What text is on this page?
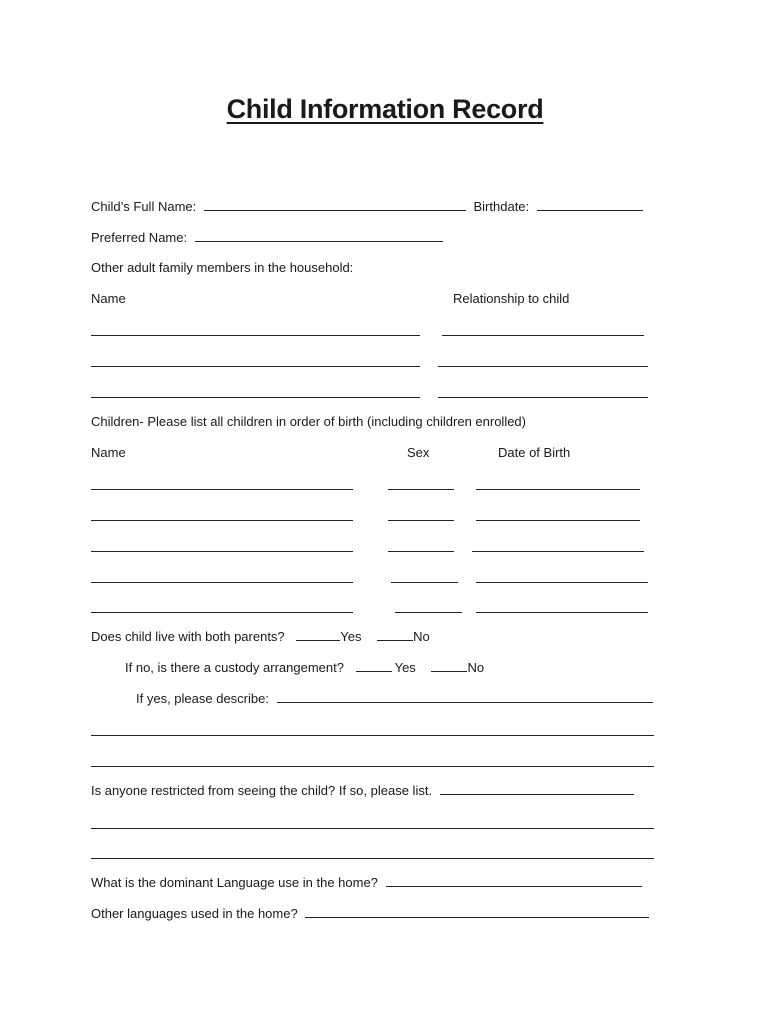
Child Information Record
Child’s Full Name:	Birthdate:
Preferred Name:
Other adult family members in the household:
Name	Relationship to child
Children- Please list all children in order of birth (including children enrolled)
Name	Sex	Date of Birth
Does child live with both parents?	Yes	No
If no, is there a custody arrangement?	Yes	No
If yes, please describe:
Is anyone restricted from seeing the child? If so, please list.
What is the dominant Language use in the home?
Other languages used in the home?
